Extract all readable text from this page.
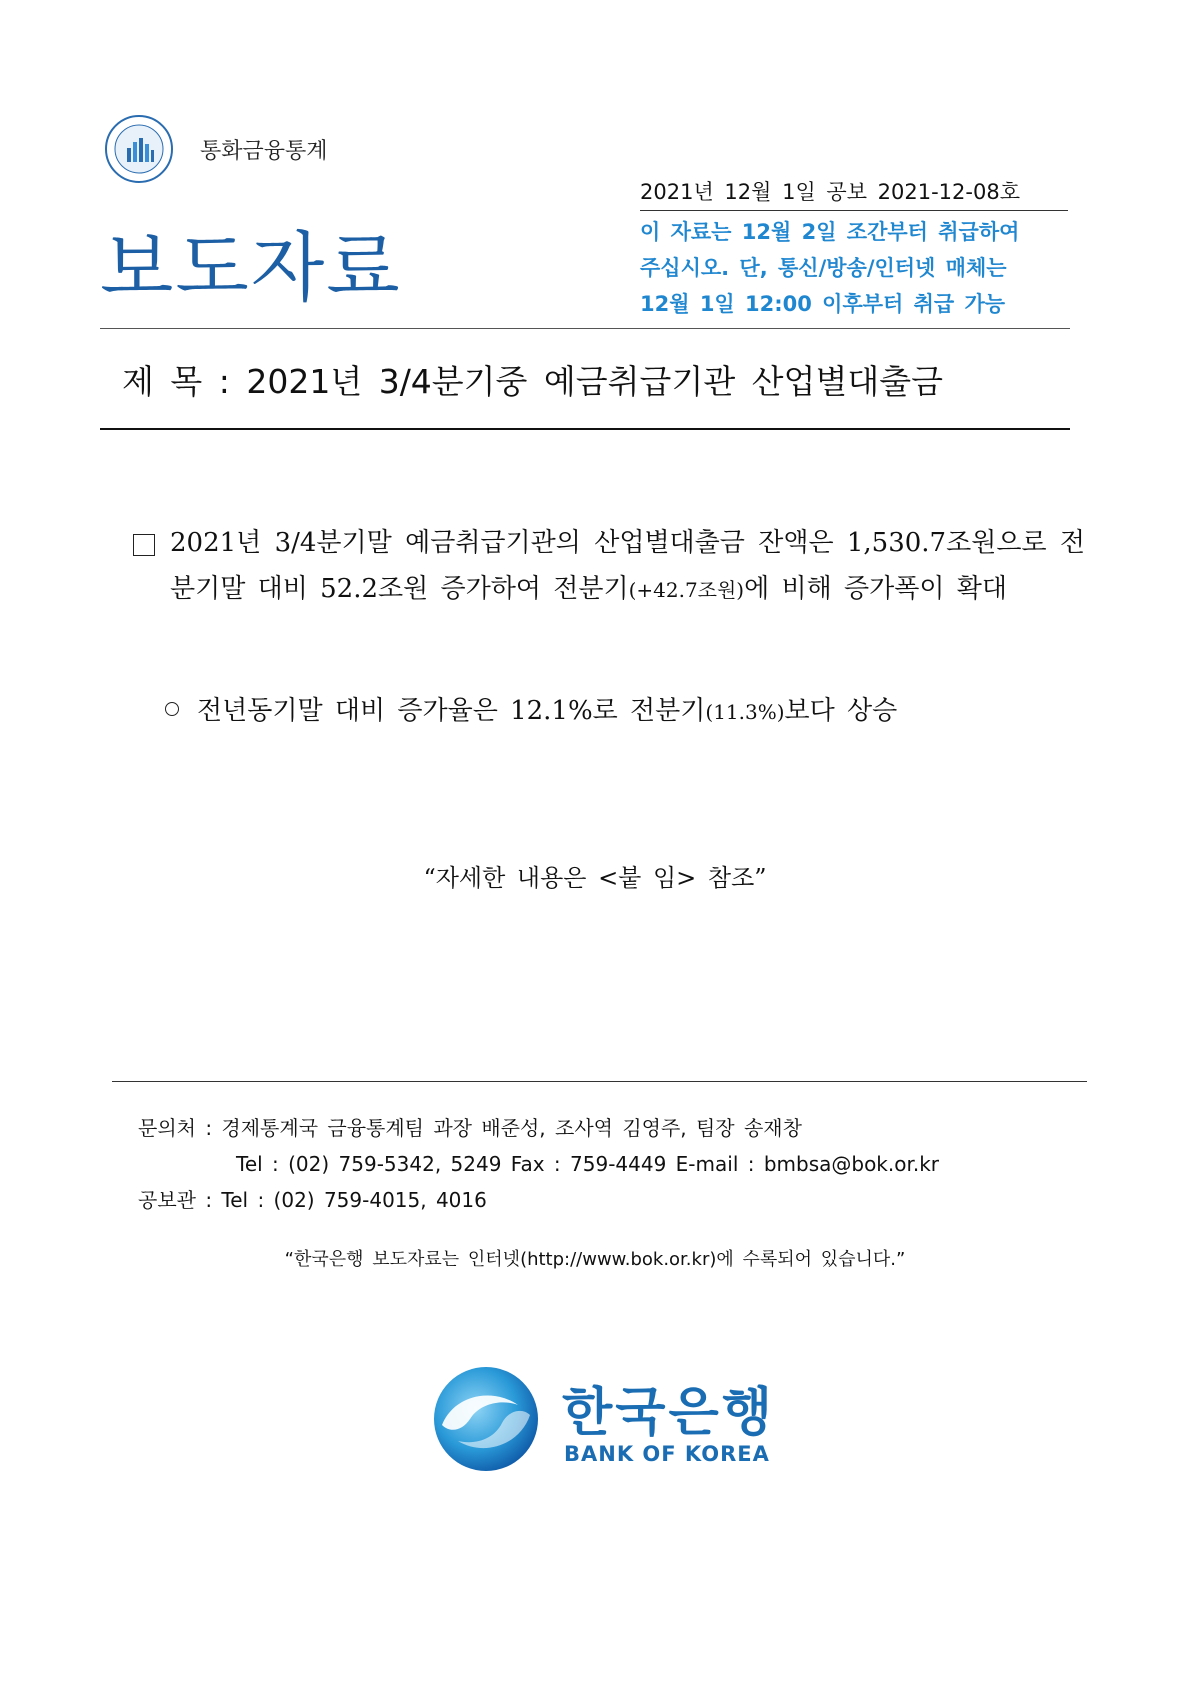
통화금융통계
2021년 12월 1일 공보 2021-12-08호
보도자료	이 자료는 12월 2일 조간부터 취급하여
주십시오. 단, 통신/방송/인터넷 매체는
12월 1일 12:00 이후부터 취급 가능
제 목 : 2021년 3/4분기중 예금취급기관 산업별대출금
2021년 3/4분기말 예금취급기관의 산업별대출금 잔액은 1,530.7조원으로 전분기말 대비 52.2조원 증가하여 전분기(+42.7조원)에 비해 증가폭이 확대
전년동기말 대비 증가율은 12.1%로 전분기(11.3%)보다 상승
“자세한 내용은 <붙 임> 참조”
문의처 : 경제통계국 금융통계팀 과장 배준성, 조사역 김영주, 팀장 송재창
Tel : (02) 759-5342, 5249 Fax : 759-4449 E-mail : bmbsa@bok.or.kr
공보관 : Tel : (02) 759-4015, 4016
“한국은행 보도자료는 인터넷(http://www.bok.or.kr)에 수록되어 있습니다.”
한국은행
BANK OF KOREA
